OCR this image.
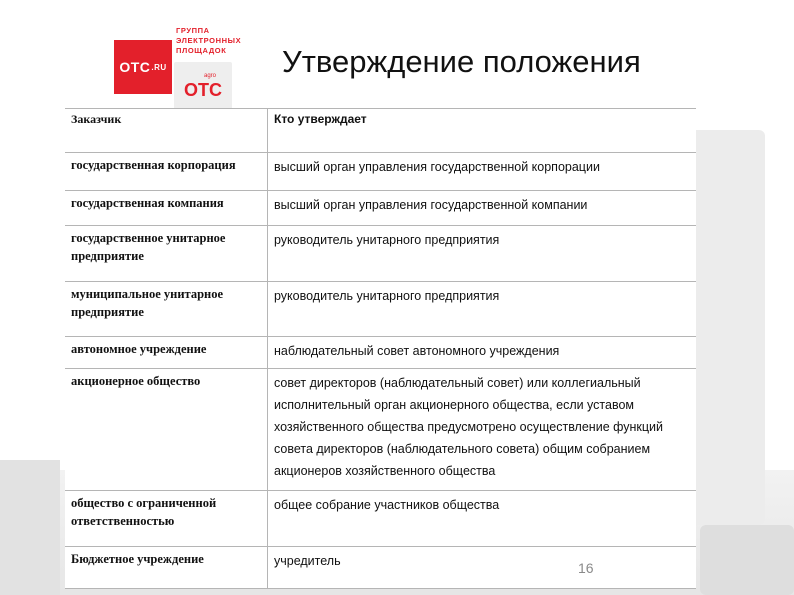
ОТС .RU
ГРУППА
ЭЛЕКТРОННЫХ
ПЛОЩАДОК
agro
ОТС
Утверждение положения
Заказчик	Кто утверждает
государственная корпорация	высший орган управления государственной корпорации
государственная компания	высший орган управления государственной компании
государственное унитарное предприятие	руководитель унитарного предприятия
муниципальное унитарное предприятие	руководитель унитарного предприятия
автономное учреждение	наблюдательный совет автономного учреждения
акционерное общество	совет директоров (наблюдательный совет) или коллегиальный исполнительный орган акционерного общества, если уставом хозяйственного общества предусмотрено осуществление функций совета директоров (наблюдательного совета) общим собранием акционеров хозяйственного общества
общество с ограниченной ответственностью	общее собрание участников общества
Бюджетное учреждение	учредитель	16
